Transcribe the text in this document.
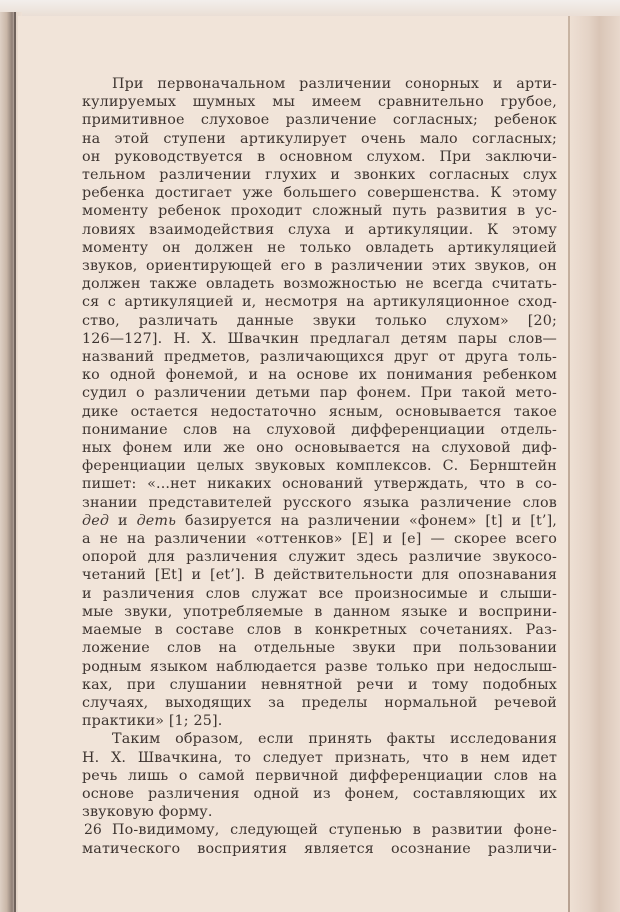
При первоначальном различении сонорных и арти-
кулируемых шумных мы имеем сравнительно грубое,
примитивное слуховое различение согласных; ребенок
на этой ступени артикулирует очень мало согласных;
он руководствуется в основном слухом. При заключи-
тельном различении глухих и звонких согласных слух
ребенка достигает уже большего совершенства. К этому
моменту ребенок проходит сложный путь развития в ус-
ловиях взаимодействия слуха и артикуляции. К этому
моменту он должен не только овладеть артикуляцией
звуков, ориентирующей его в различении этих звуков, он
должен также овладеть возможностью не всегда считать-
ся с артикуляцией и, несмотря на артикуляционное сход-
ство, различать данные звуки только слухом» [20;
126—127]. Н. Х. Швачкин предлагал детям пары слов—
названий предметов, различающихся друг от друга толь-
ко одной фонемой, и на основе их понимания ребенком
судил о различении детьми пар фонем. При такой мето-
дике остается недостаточно ясным, основывается такое
понимание слов на слуховой дифференциации отдель-
ных фонем или же оно основывается на слуховой диф-
ференциации целых звуковых комплексов. С. Бернштейн
пишет: «...нет никаких оснований утверждать, что в со-
знании представителей русского языка различение слов
дед и деть базируется на различении «фонем» [t] и [t’],
а не на различении «оттенков» [E] и [e] — скорее всего
опорой для различения служит здесь различие звукосо-
четаний [Et] и [et’]. В действительности для опознавания
и различения слов служат все произносимые и слыши-
мые звуки, употребляемые в данном языке и восприни-
маемые в составе слов в конкретных сочетаниях. Раз-
ложение слов на отдельные звуки при пользовании
родным языком наблюдается разве только при недослыш-
ках, при слушании невнятной речи и тому подобных
случаях, выходящих за пределы нормальной речевой
практики» [1; 25].
Таким образом, если принять факты исследования
Н. Х. Швачкина, то следует признать, что в нем идет
речь лишь о самой первичной дифференциации слов на
основе различения одной из фонем, составляющих их
звуковую форму.
По-видимому, следующей ступенью в развитии фоне-
матического восприятия является осознание различи-
26
